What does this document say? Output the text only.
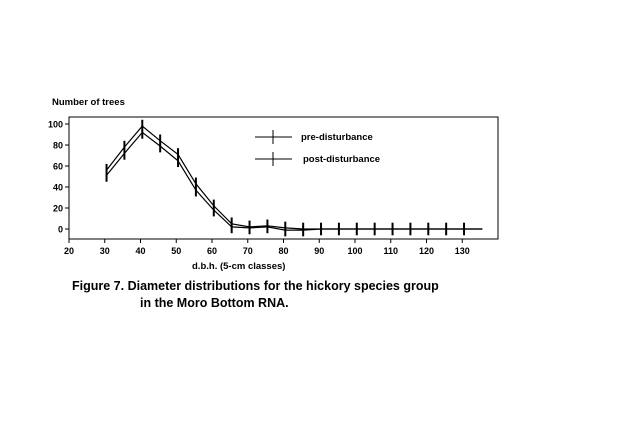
Number of trees
0
20
40
60
80
100
20	30	40	50	60	70	80	90	100 110 120 130
pre-disturbance
post-disturbance
d.b.h. (5-cm classes)
Figure 7. Diameter distributions for the hickory species group
in the Moro Bottom RNA.
